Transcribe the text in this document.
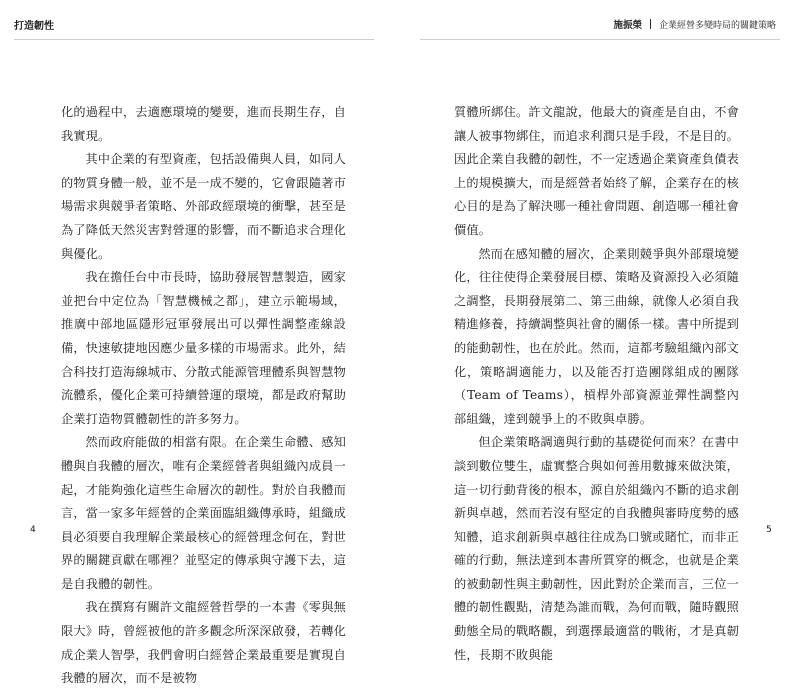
打造韌性	施振榮 企業經營多變時局的關鍵策略

化的過程中，去適應環境的變要，進而長期生存，自我實現。

其中企業的有型資產，包括設備與人員，如同人的物質身體一般，並不是一成不變的，它會跟隨著市場需求與競爭者策略、外部政經環境的衝擊，甚至是為了降低天然災害對營運的影響，而不斷追求合理化與優化。

我在擔任台中市長時，協助發展智慧製造，國家並把台中定位為「智慧機械之都」，建立示範場域，推廣中部地區隱形冠軍發展出可以彈性調整產線設備，快速敏捷地因應少量多樣的市場需求。此外，結合科技打造海線城市、分散式能源管理體系與智慧物流體系，優化企業可持續營運的環境，都是政府幫助企業打造物質體韌性的許多努力。

然而政府能做的相當有限。在企業生命體、感知體與自我體的層次，唯有企業經營者與組織內成員一起，才能夠強化這些生命層次的韌性。對於自我體而言，當一家多年經營的企業面臨組織傳承時，組織成員必須要自我理解企業最核心的經營理念何在，對世界的關鍵貢獻在哪裡？並堅定的傳承與守護下去，這是自我體的韌性。

我在撰寫有關許文龍經營哲學的一本書《零與無限大》時，曾經被他的許多觀念所深深啟發，若轉化成企業人智學，我們會明白經營企業最重要是實現自我體的層次，而不是被物

質體所綁住。許文龍說，他最大的資產是自由，不會讓人被事物綁住，而追求利潤只是手段，不是目的。因此企業自我體的韌性，不一定透過企業資產負債表上的規模擴大，而是經營者始終了解，企業存在的核心目的是為了解決哪一種社會問題、創造哪一種社會價值。

然而在感知體的層次，企業則競爭與外部環境變化，往往使得企業發展目標、策略及資源投入必須隨之調整，長期發展第二、第三曲線，就像人必須自我精進修養，持續調整與社會的關係一樣。書中所提到的能動韌性，也在於此。然而，這都考驗組織內部文化，策略調適能力，以及能否打造團隊組成的團隊（Team of Teams），槓桿外部資源並彈性調整內部組織，達到競爭上的不敗與卓勝。

但企業策略調適與行動的基礎從何而來？在書中談到數位雙生，虛實整合與如何善用數據來做決策，這一切行動背後的根本，源自於組織內不斷的追求創新與卓越，然而若沒有堅定的自我體與審時度勢的感知體，追求創新與卓越往往成為口號或賭忙，而非正確的行動，無法達到本書所質穿的概念，也就是企業的被動韌性與主動韌性，因此對於企業而言，三位一體的韌性觀點，清楚為誰而戰，為何而戰，隨時觀照動態全局的戰略觀，到選擇最適當的戰術，才是真韌性，長期不敗與能

4	5
